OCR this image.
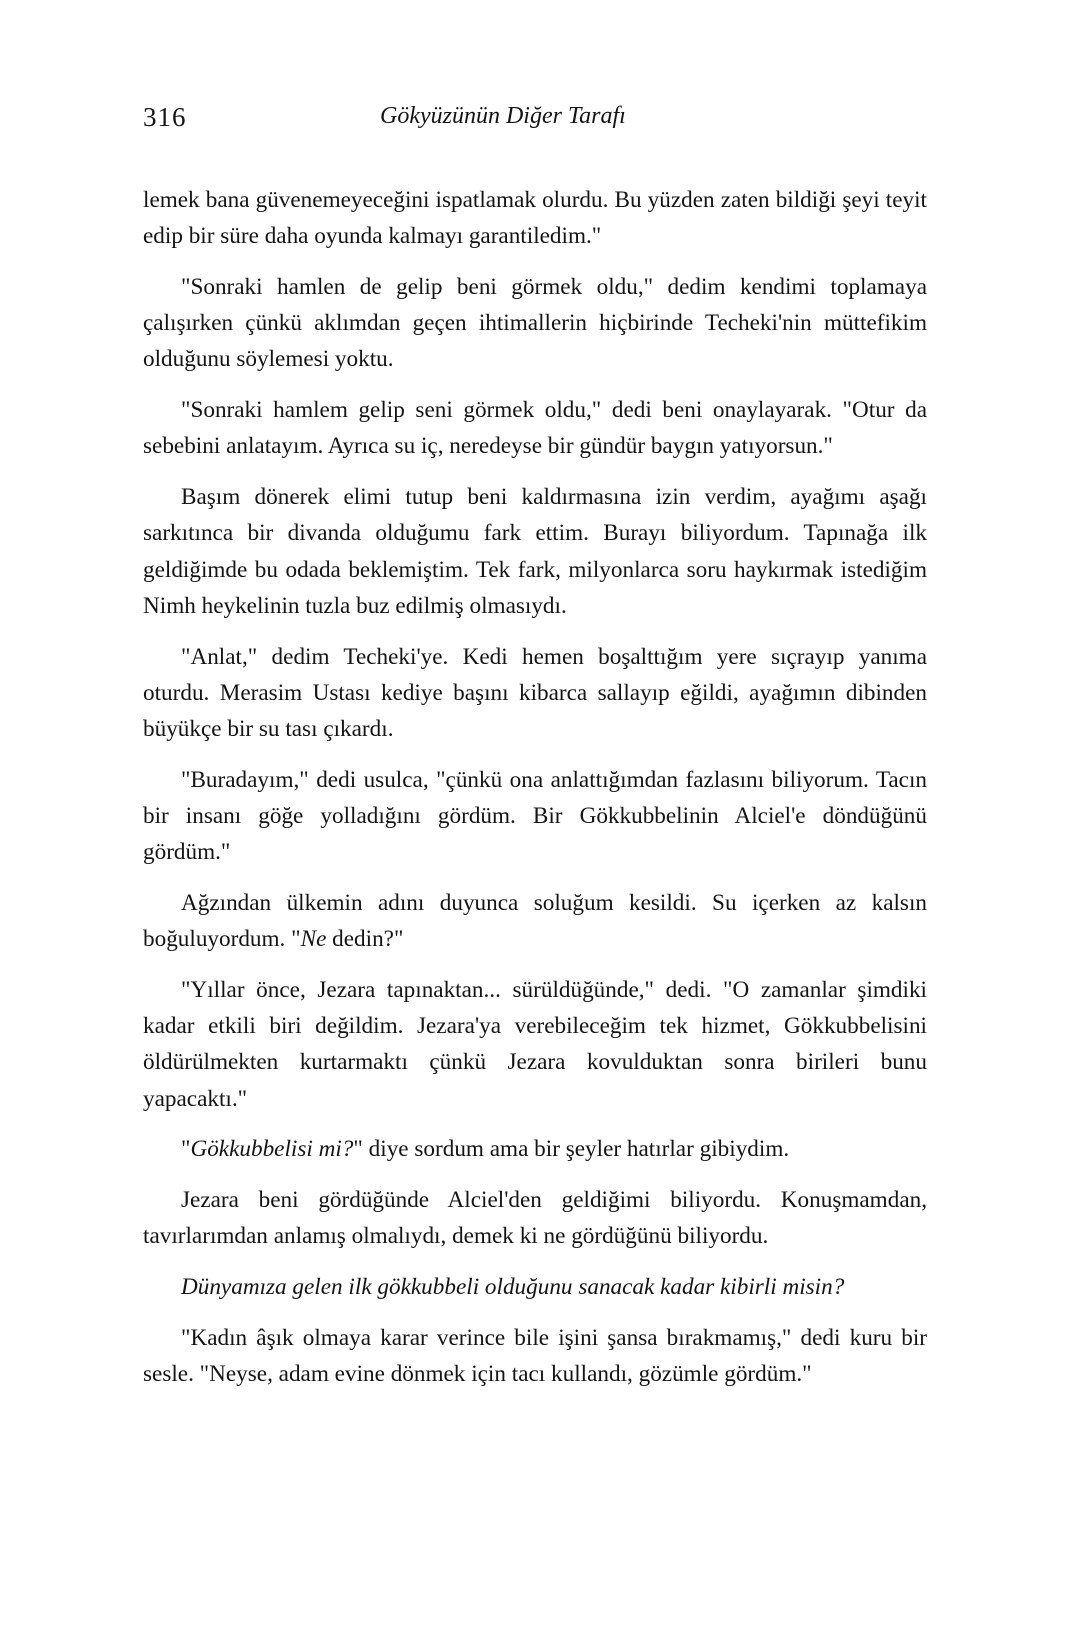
316	Gökyüzünün Diğer Tarafı

lemek bana güvenemeyeceğini ispatlamak olurdu. Bu yüzden zaten bildiği şeyi teyit edip bir süre daha oyunda kalmayı garantiledim."

"Sonraki hamlen de gelip beni görmek oldu," dedim kendimi toplamaya çalışırken çünkü aklımdan geçen ihtimallerin hiçbirinde Techeki'nin müttefikim olduğunu söylemesi yoktu.

"Sonraki hamlem gelip seni görmek oldu," dedi beni onaylayarak. "Otur da sebebini anlatayım. Ayrıca su iç, neredeyse bir gündür baygın yatıyorsun."

Başım dönerek elimi tutup beni kaldırmasına izin verdim, ayağımı aşağı sarkıtınca bir divanda olduğumu fark ettim. Burayı biliyordum. Tapınağa ilk geldiğimde bu odada beklemiştim. Tek fark, milyonlarca soru haykırmak istediğim Nimh heykelinin tuzla buz edilmiş olmasıydı.

"Anlat," dedim Techeki'ye. Kedi hemen boşalttığım yere sıçrayıp yanıma oturdu. Merasim Ustası kediye başını kibarca sallayıp eğildi, ayağımın dibinden büyükçe bir su tası çıkardı.

"Buradayım," dedi usulca, "çünkü ona anlattığımdan fazlasını biliyorum. Tacın bir insanı göğe yolladığını gördüm. Bir Gökkubbelinin Alciel'e döndüğünü gördüm."

Ağzından ülkemin adını duyunca soluğum kesildi. Su içerken az kalsın boğuluyordum. "Ne dedin?"

"Yıllar önce, Jezara tapınaktan... sürüldüğünde," dedi. "O zamanlar şimdiki kadar etkili biri değildim. Jezara'ya verebileceğim tek hizmet, Gökkubbelisini öldürülmekten kurtarmaktı çünkü Jezara kovulduktan sonra birileri bunu yapacaktı."

"Gökkubbelisi mi?" diye sordum ama bir şeyler hatırlar gibiydim.

Jezara beni gördüğünde Alciel'den geldiğimi biliyordu. Konuşmamdan, tavırlarımdan anlamış olmalıydı, demek ki ne gördüğünü biliyordu.

Dünyamıza gelen ilk gökkubbeli olduğunu sanacak kadar kibirli misin?

"Kadın âşık olmaya karar verince bile işini şansa bırakmamış," dedi kuru bir sesle. "Neyse, adam evine dönmek için tacı kullandı, gözümle gördüm."
